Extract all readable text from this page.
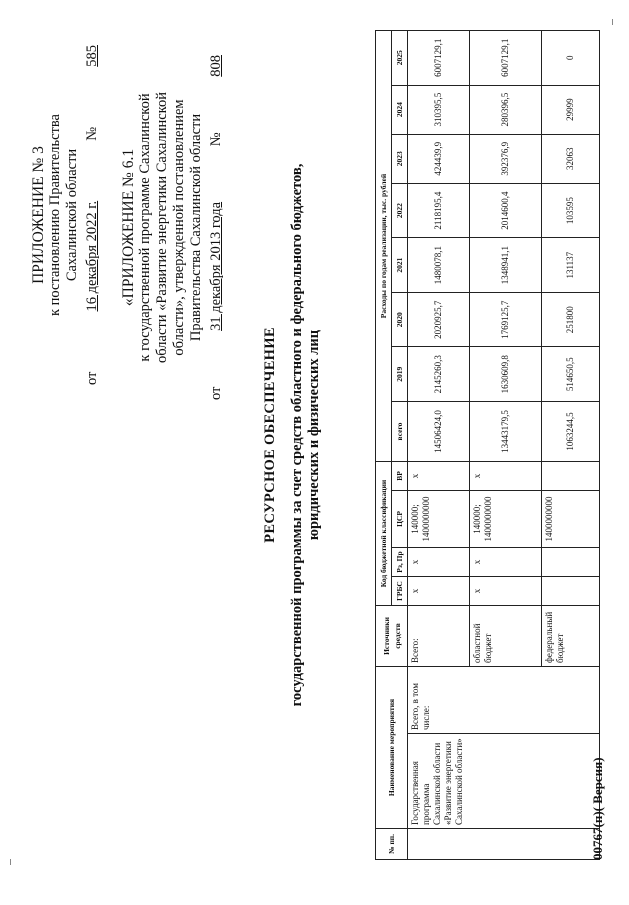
ПРИЛОЖЕНИЕ № 3 к постановлению Правительства Сахалинской области
от
16 декабря 2022 г.
№
585
«ПРИЛОЖЕНИЕ № 6.1 к государственной программе Сахалинской области «Развитие энергетики Сахалинской области», утвержденной постановлением Правительства Сахалинской области
от
31 декабря 2013 года
№
808
РЕСУРСНОЕ ОБЕСПЕЧЕНИЕ государственной программы за счет средств областного и федерального бюджетов, юридических и физических лиц
№ пп.	Наименование мероприятия		Источники средств	Код бюджетной классификации				Расходы по годам реализации, тыс. рублей							
				ГРБС	Рз, Пр	ЦСР	ВР	всего	2019	2020	2021	2022	2023	2024	2025
	Государственная программа Сахалинской области «Развитие энергетики Сахалинской области»	Всего, в том числе:	Всего:	х	х	140000; 1400000000	х	14506424,0	2145260,3	2020925,7	1480078,1	2118195,4	424439,9	310395,5	6007129,1
			областной бюджет	х	х	140000; 1400000000	х	13443179,5	1630609,8	1769125,7	1348941,1	2014600,4	392376,9	280396,5	6007129,1
			федеральный бюджет			1400000000		1063244,5	514650,5	251800	131137	103595	32063	29999	0
00767(п)( Версия)
